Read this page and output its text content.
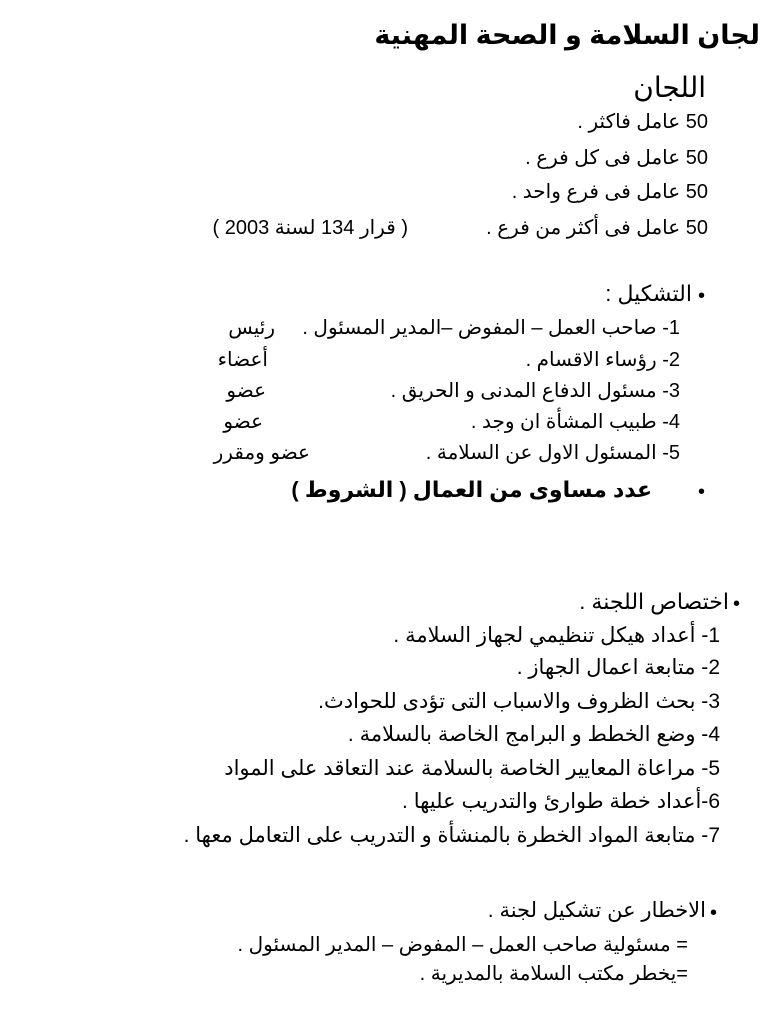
لجان السلامة و الصحة المهنية
اللجان
50 عامل فاكثر .
50 عامل فى كل فرع .
50 عامل فى فرع واحد .
50 عامل فى أكثر من فرع .
( قرار 134 لسنة 2003 )
•
التشكيل :
1- صاحب العمل – المفوض –المدير المسئول .
رئيس
2- رؤساء الاقسام .
أعضاء
3- مسئول الدفاع المدنى و الحريق .
عضو
4- طبيب المشأة ان وجد .
عضو
5- المسئول الاول عن السلامة .
عضو ومقرر
•
عدد مساوى من العمال ( الشروط )
•
اختصاص اللجنة .
1- أعداد هيكل تنظيمي لجهاز السلامة .
2- متابعة اعمال الجهاز .
3- بحث الظروف والاسباب التى تؤدى للحوادث.
4- وضع الخطط و البرامج الخاصة بالسلامة .
5- مراعاة المعايير الخاصة بالسلامة عند التعاقد على المواد
6-أعداد خطة طوارئ والتدريب عليها .
7- متابعة المواد الخطرة بالمنشأة و التدريب على التعامل معها .
•
الاخطار عن تشكيل لجنة .
= مسئولية صاحب العمل – المفوض – المدير المسئول .
=يخطر مكتب السلامة بالمديرية .
